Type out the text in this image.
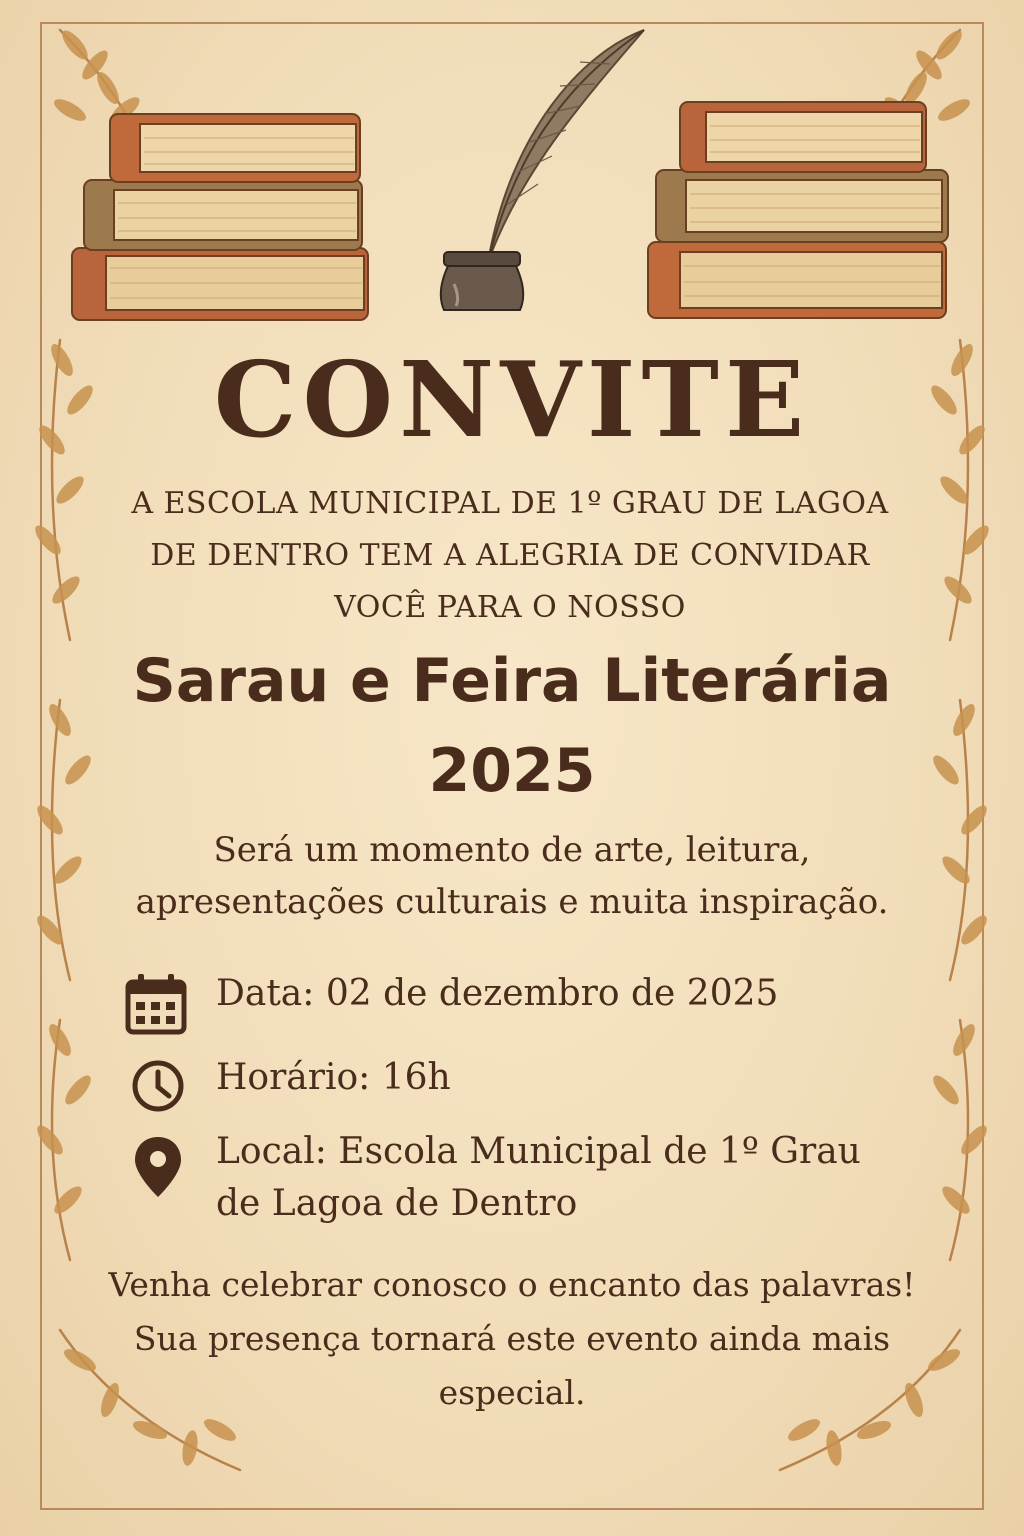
CONVITE
A ESCOLA MUNICIPAL DE 1º GRAU DE LAGOA
DE DENTRO TEM A ALEGRIA DE CONVIDAR
VOCÊ PARA O NOSSO
Sarau e Feira Literária
2025
Será um momento de arte, leitura,
apresentações culturais e muita inspiração.
Data: 02 de dezembro de 2025
Horário: 16h
Local: Escola Municipal de 1º Grau
de Lagoa de Dentro
Venha celebrar conosco o encanto das palavras!
Sua presença tornará este evento ainda mais
especial.
